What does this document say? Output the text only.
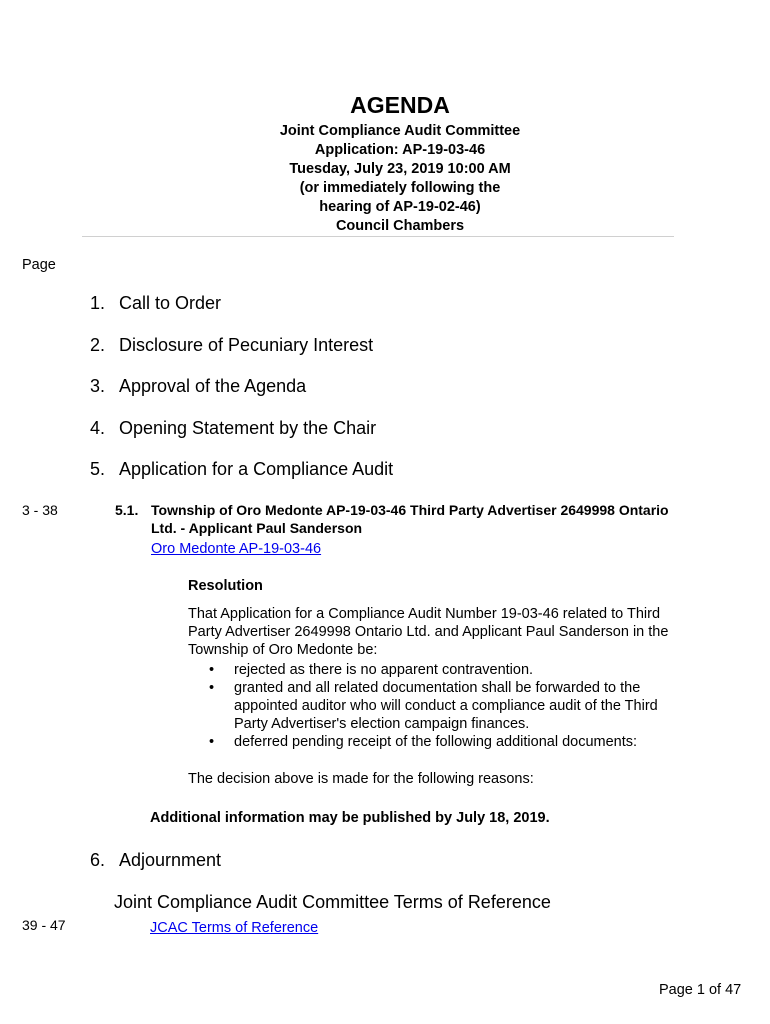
AGENDA
Joint Compliance Audit Committee
Application: AP-19-03-46
Tuesday, July 23, 2019 10:00 AM
(or immediately following the
hearing of AP-19-02-46)
Council Chambers
Page
1. Call to Order
2. Disclosure of Pecuniary Interest
3. Approval of the Agenda
4. Opening Statement by the Chair
5. Application for a Compliance Audit
3 - 38	5.1. Township of Oro Medonte AP-19-03-46 Third Party Advertiser 2649998 Ontario Ltd. - Applicant Paul Sanderson
Oro Medonte AP-19-03-46
Resolution
That Application for a Compliance Audit Number 19-03-46 related to Third Party Advertiser 2649998 Ontario Ltd. and Applicant Paul Sanderson in the Township of Oro Medonte be:
• rejected as there is no apparent contravention.
• granted and all related documentation shall be forwarded to the appointed auditor who will conduct a compliance audit of the Third Party Advertiser's election campaign finances.
• deferred pending receipt of the following additional documents:
The decision above is made for the following reasons:
Additional information may be published by July 18, 2019.
6. Adjournment
Joint Compliance Audit Committee Terms of Reference
39 - 47	JCAC Terms of Reference
Page 1 of 47
